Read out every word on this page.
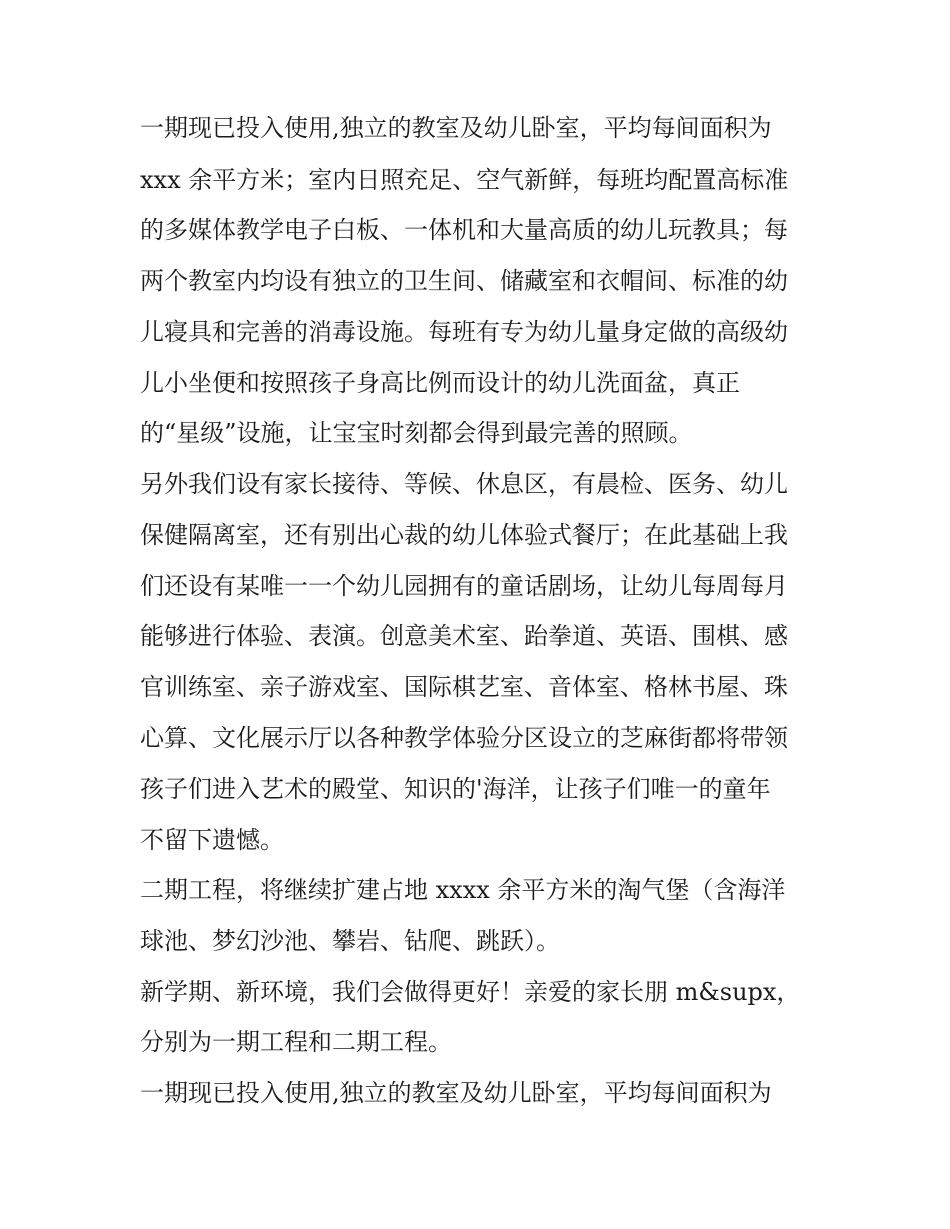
一期现已投入使用,独立的教室及幼儿卧室，平均每间面积为
xxx 余平方米；室内日照充足、空气新鲜，每班均配置高标准
的多媒体教学电子白板、一体机和大量高质的幼儿玩教具；每
两个教室内均设有独立的卫生间、储藏室和衣帽间、标准的幼
儿寝具和完善的消毒设施。每班有专为幼儿量身定做的高级幼
儿小坐便和按照孩子身高比例而设计的幼儿洗面盆，真正
的“星级”设施，让宝宝时刻都会得到最完善的照顾。
另外我们设有家长接待、等候、休息区，有晨检、医务、幼儿
保健隔离室，还有别出心裁的幼儿体验式餐厅；在此基础上我
们还设有某唯一一个幼儿园拥有的童话剧场，让幼儿每周每月
能够进行体验、表演。创意美术室、跆拳道、英语、围棋、感
官训练室、亲子游戏室、国际棋艺室、音体室、格林书屋、珠
心算、文化展示厅以各种教学体验分区设立的芝麻街都将带领
孩子们进入艺术的殿堂、知识的'海洋，让孩子们唯一的童年
不留下遗憾。
二期工程，将继续扩建占地 xxxx 余平方米的淘气堡（含海洋
球池、梦幻沙池、攀岩、钻爬、跳跃）。
新学期、新环境，我们会做得更好！亲爱的家长朋 m&supx，
分别为一期工程和二期工程。
一期现已投入使用,独立的教室及幼儿卧室，平均每间面积为
